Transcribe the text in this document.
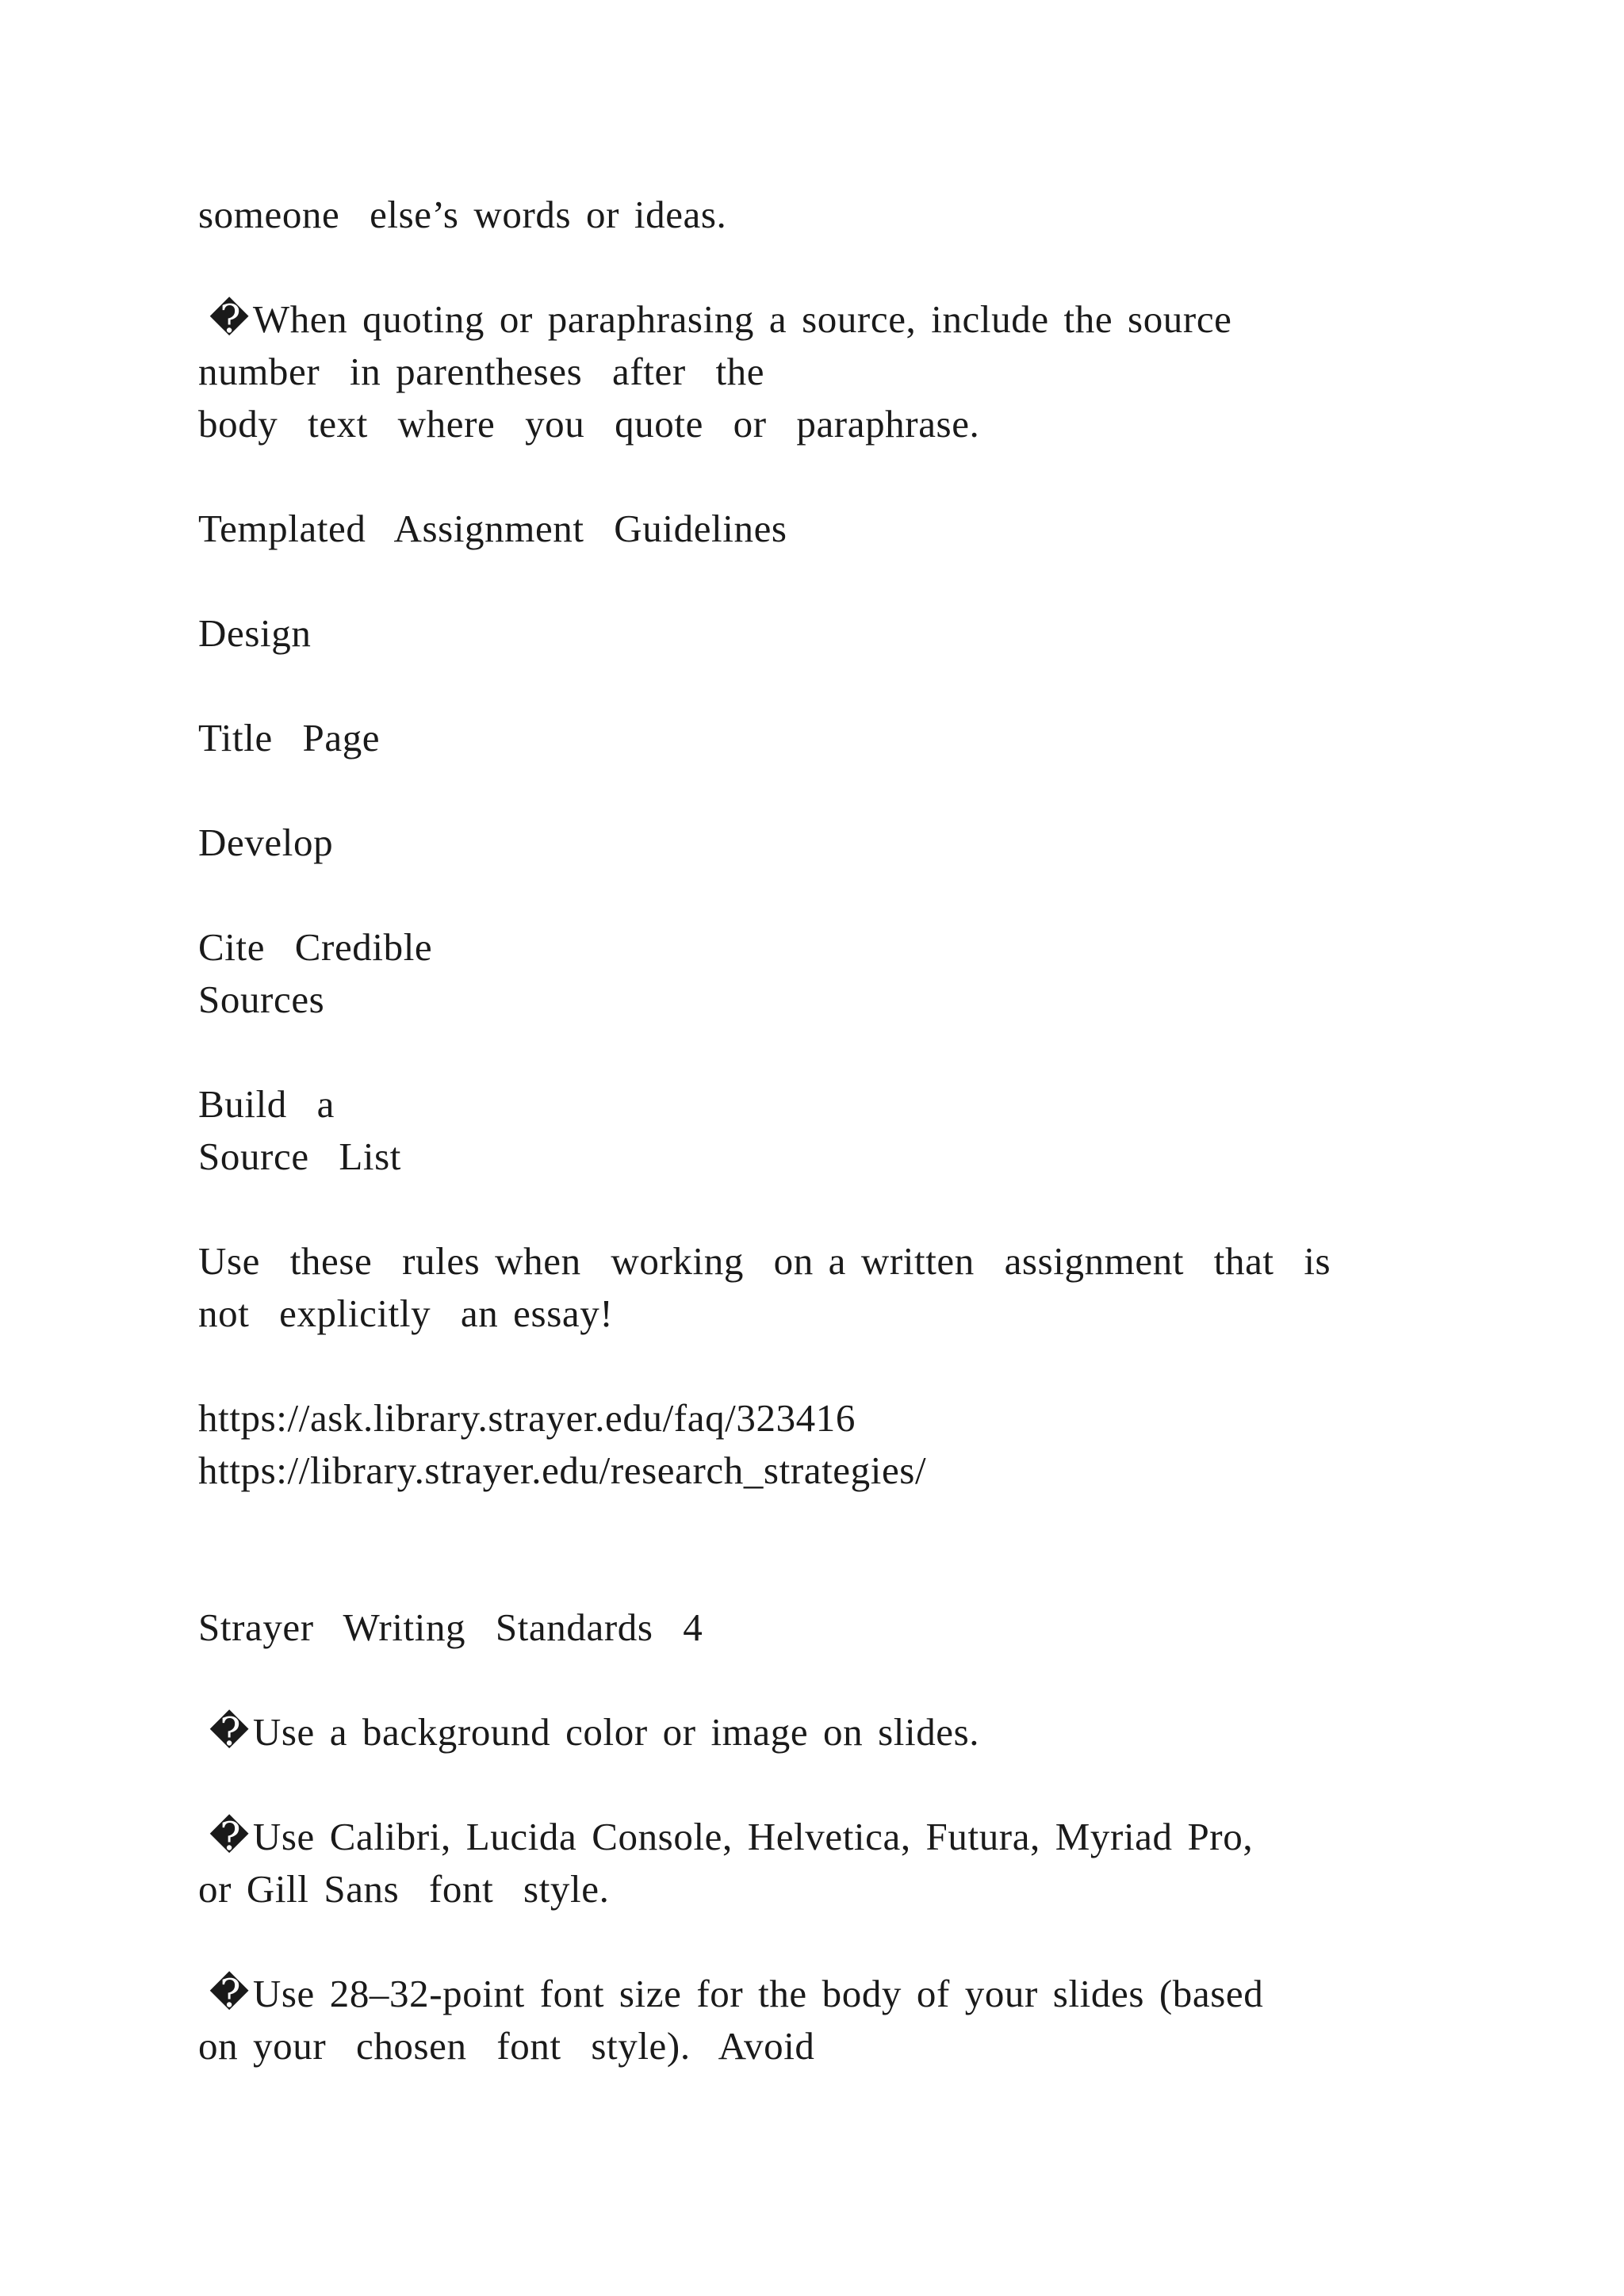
someone  else’s words or ideas.
�When quoting or paraphrasing a source, include the source
number  in parentheses  after  the
body  text  where  you  quote  or  paraphrase.
Templated  Assignment  Guidelines
Design
Title  Page
Develop
Cite  Credible
Sources
Build  a
Source  List
Use  these  rules when  working  on a written  assignment  that  is
not  explicitly  an essay!
https://ask.library.strayer.edu/faq/323416
https://library.strayer.edu/research_strategies/
Strayer  Writing  Standards  4
�Use a background color or image on slides.
�Use Calibri, Lucida Console, Helvetica, Futura, Myriad Pro,
or Gill Sans  font  style.
�Use 28–32-point font size for the body of your slides (based
on your  chosen  font  style).  Avoid
